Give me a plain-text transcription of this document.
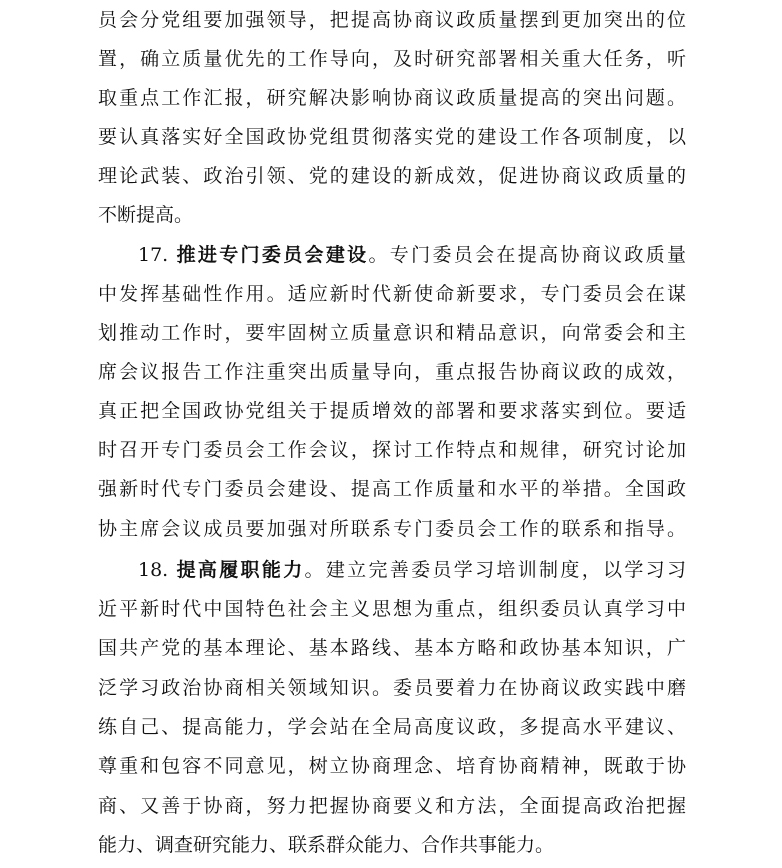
员会分党组要加强领导，把提高协商议政质量摆到更加突出的位

置，确立质量优先的工作导向，及时研究部署相关重大任务，听

取重点工作汇报，研究解决影响协商议政质量提高的突出问题。

要认真落实好全国政协党组贯彻落实党的建设工作各项制度，以

理论武装、政治引领、党的建设的新成效，促进协商议政质量的

不断提高。

17. 推进专门委员会建设。专门委员会在提高协商议政质量

中发挥基础性作用。适应新时代新使命新要求，专门委员会在谋

划推动工作时，要牢固树立质量意识和精品意识，向常委会和主

席会议报告工作注重突出质量导向，重点报告协商议政的成效，

真正把全国政协党组关于提质增效的部署和要求落实到位。要适

时召开专门委员会工作会议，探讨工作特点和规律，研究讨论加

强新时代专门委员会建设、提高工作质量和水平的举措。全国政

协主席会议成员要加强对所联系专门委员会工作的联系和指导。

18. 提高履职能力。建立完善委员学习培训制度，以学习习

近平新时代中国特色社会主义思想为重点，组织委员认真学习中

国共产党的基本理论、基本路线、基本方略和政协基本知识，广

泛学习政治协商相关领域知识。委员要着力在协商议政实践中磨

练自己、提高能力，学会站在全局高度议政，多提高水平建议、

尊重和包容不同意见，树立协商理念、培育协商精神，既敢于协

商、又善于协商，努力把握协商要义和方法，全面提高政治把握

能力、调查研究能力、联系群众能力、合作共事能力。
